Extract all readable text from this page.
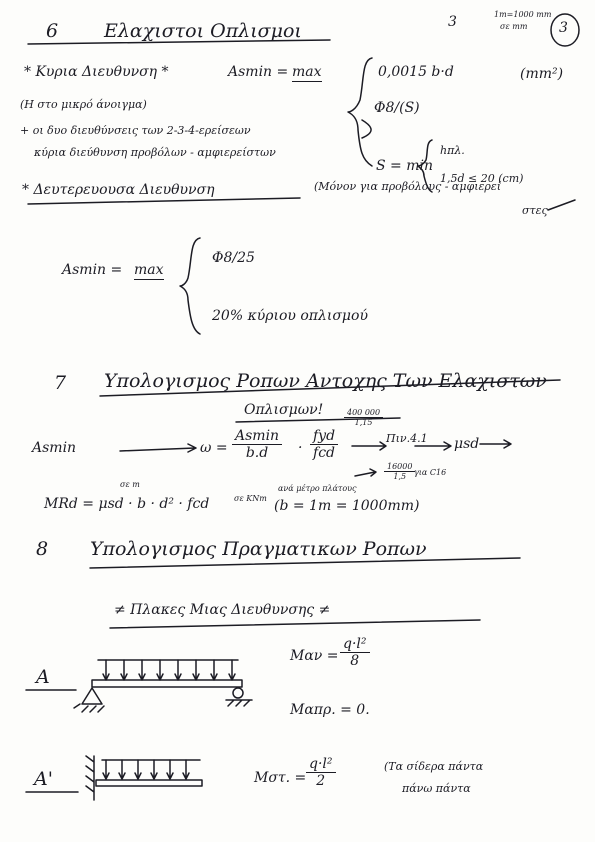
1m=1000 mm
σε mm
3	3
6 Ελαχιστοι Οπλισμοι
* Κυρια Διευθυνση *	Asmin = max	0,0015 b·d	(mm²)
(Η στο μικρό άνοιγμα)
+ οι δυο διευθύνσεις των 2-3-4-ερείσεων
κύρια διεύθυνση προβόλων - αμφιερείστων
Φ8/(S)
S = min
hπλ.
1,5d ≤ 20 (cm)
* Δευτερευουσα Διευθυνση	(Μόνον για προβόλους - αμφιερεί
στες
Asmin = max
Φ8/25
20% κύριου οπλισμού
7 Υπολογισμος Ροπων Αντοχης Των Ελαχιστων
Οπλισμων!
Asmin	ω =
Asmin
b.d ·
fyd
fcd
$\frac{400 000}{1,15}$
$\frac{16000}{1,5}$
για C16
Πιν.4.1 μsd
MRd = μsd · b · d² · fcd
σε m
σε KNm
ανά μέτρο πλάτους
(b = 1m = 1000mm)
8 Υπολογισμος Πραγματικων Ροπων
≠ Πλακες Μιας Διευθυνσης ≠
A
$M\alpha\nu = \frac{\text{q·l²}}{8}$
Mαπρ. = 0.
A'	Mστ. = $\frac{\text{q·l²}}{2}$	(Τα σίδερα πάντα
πάνω πάντα
